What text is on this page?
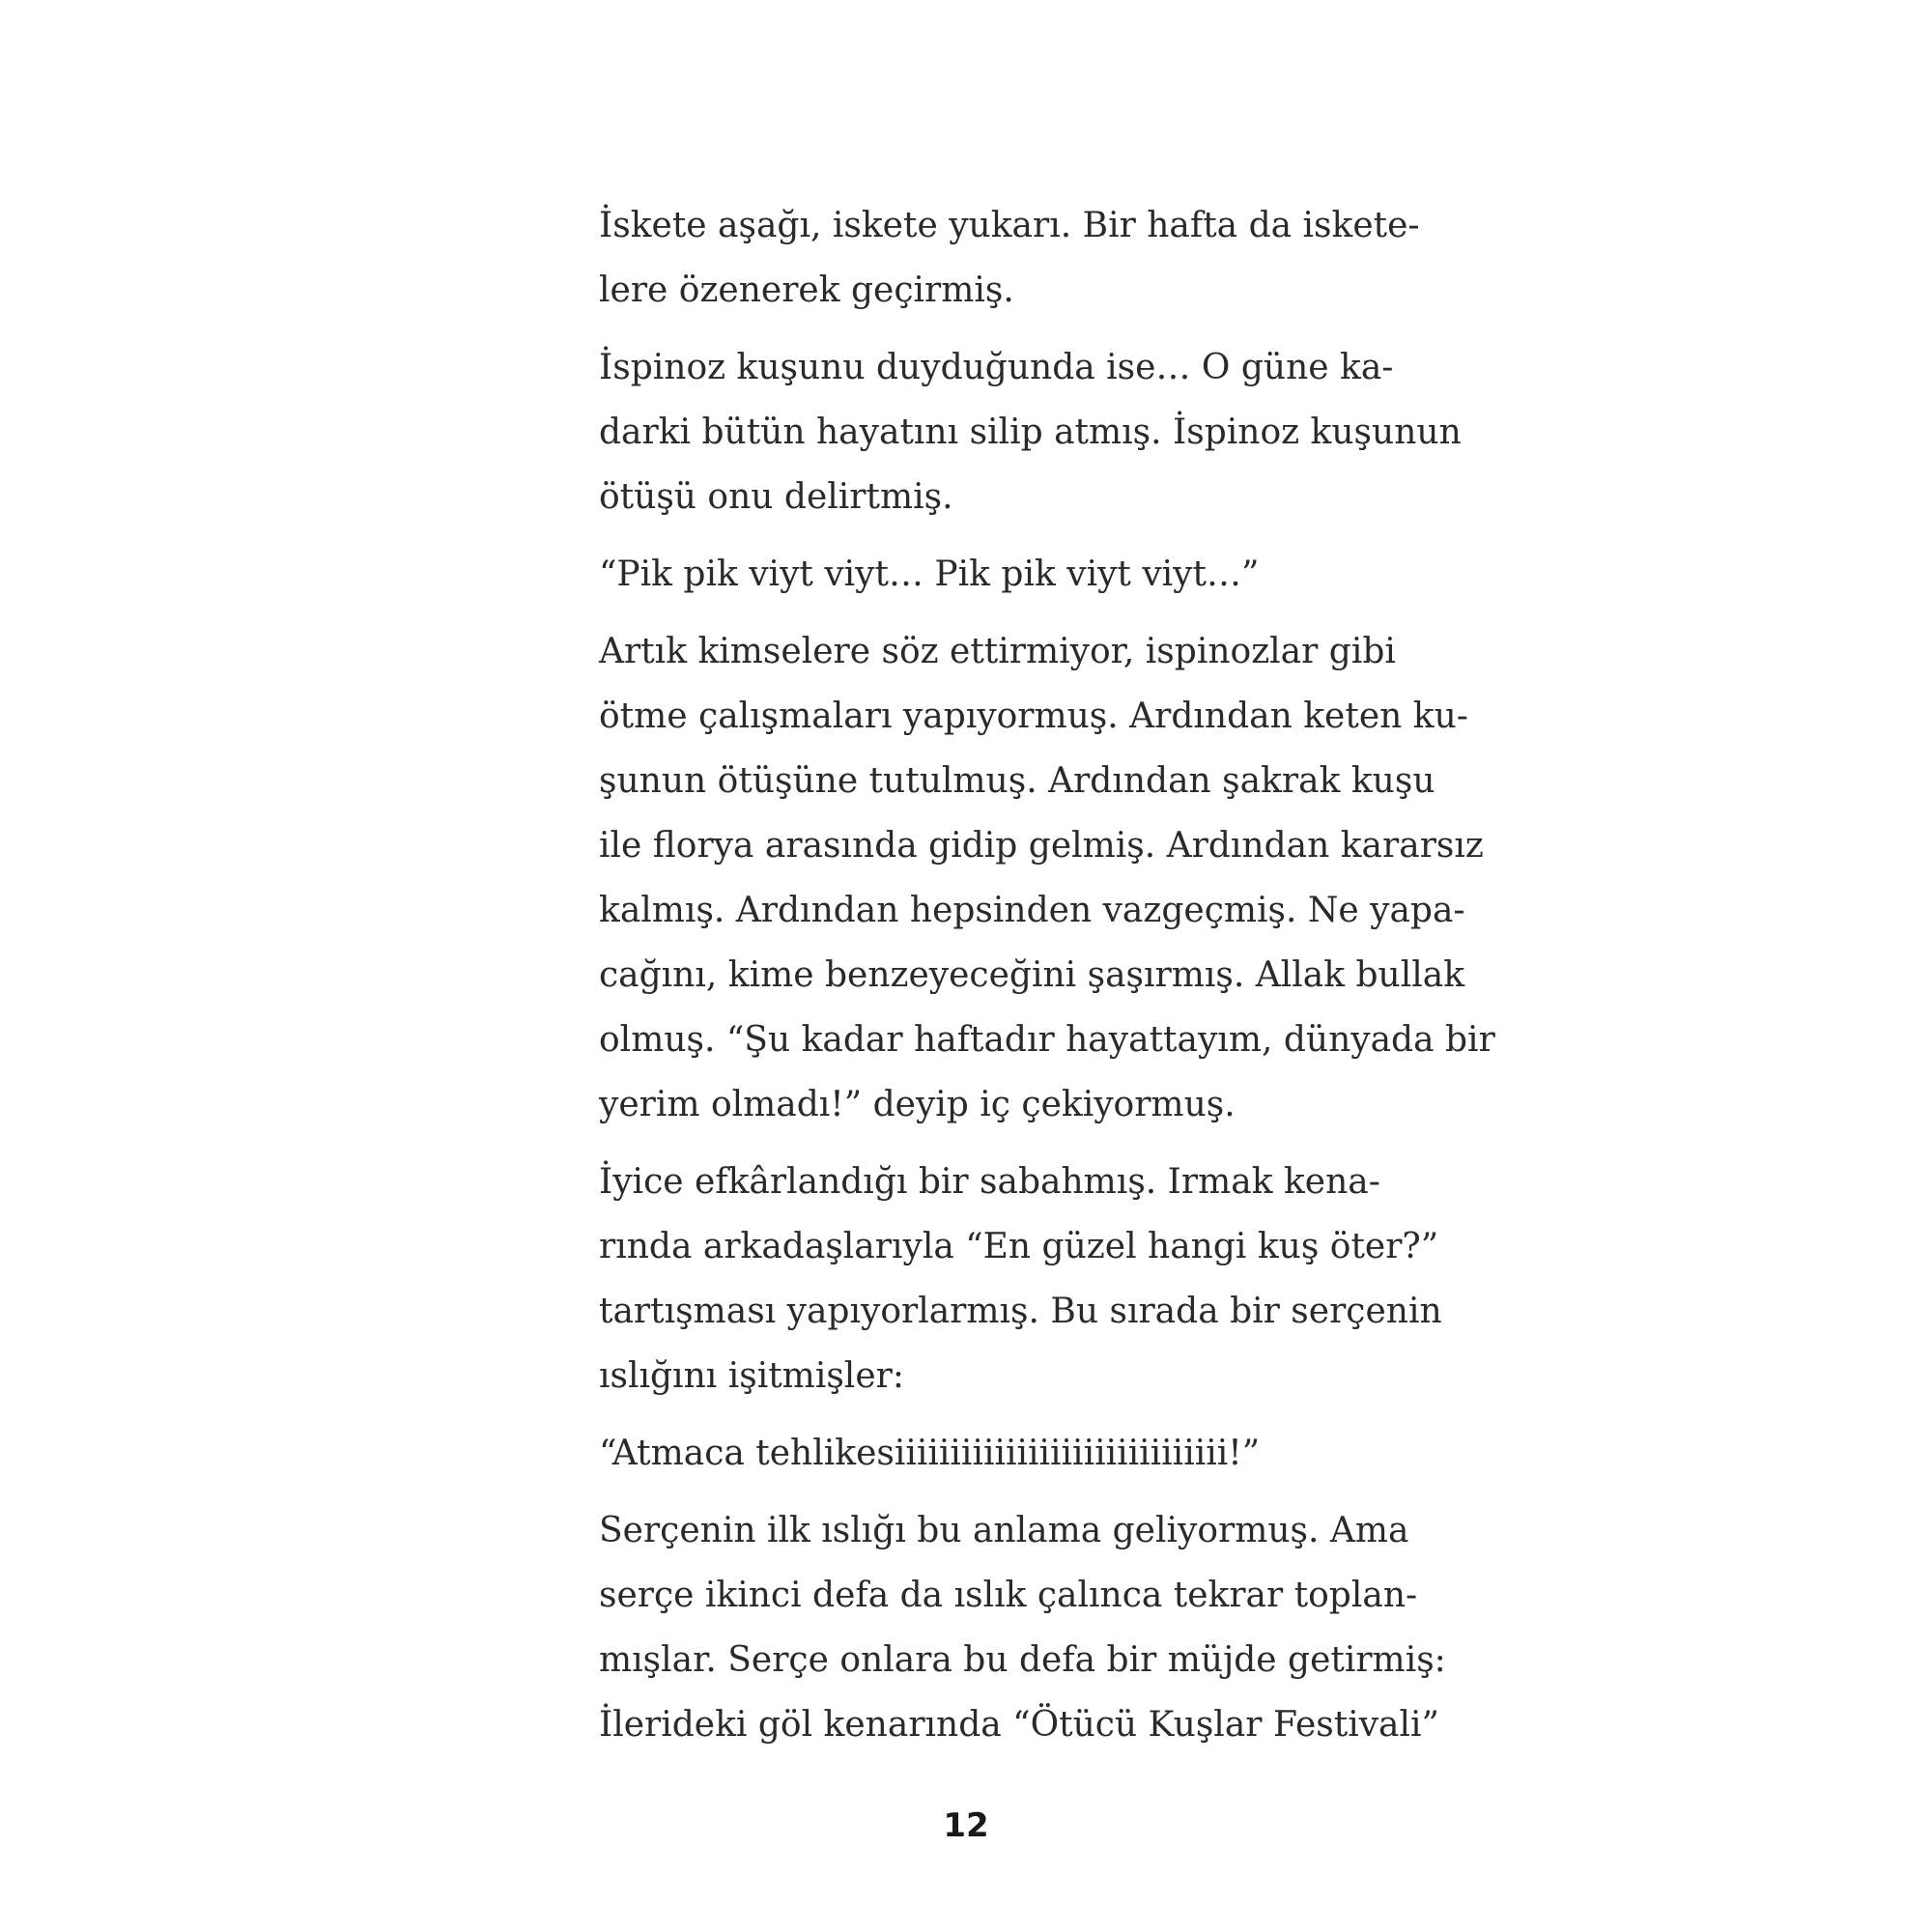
İskete aşağı, iskete yukarı. Bir hafta da iskete-
lere özenerek geçirmiş.

İspinoz kuşunu duyduğunda ise… O güne ka-
darki bütün hayatını silip atmış. İspinoz kuşunun
ötüşü onu delirtmiş.

“Pik pik viyt viyt… Pik pik viyt viyt…”

Artık kimselere söz ettirmiyor, ispinozlar gibi
ötme çalışmaları yapıyormuş. Ardından keten ku-
şunun ötüşüne tutulmuş. Ardından şakrak kuşu
ile florya arasında gidip gelmiş. Ardından kararsız
kalmış. Ardından hepsinden vazgeçmiş. Ne yapa-
cağını, kime benzeyeceğini şaşırmış. Allak bullak
olmuş. “Şu kadar haftadır hayattayım, dünyada bir
yerim olmadı!” deyip iç çekiyormuş.

İyice efkârlandığı bir sabahmış. Irmak kena-
rında arkadaşlarıyla “En güzel hangi kuş öter?”
tartışması yapıyorlarmış. Bu sırada bir serçenin
ıslığını işitmişler:

“Atmaca tehlikesiiiiiiiiiiiiiiiiiiiiiiiiiiiiii!”

Serçenin ilk ıslığı bu anlama geliyormuş. Ama
serçe ikinci defa da ıslık çalınca tekrar toplan-
mışlar. Serçe onlara bu defa bir müjde getirmiş:
İlerideki göl kenarında “Ötücü Kuşlar Festivali”

12
